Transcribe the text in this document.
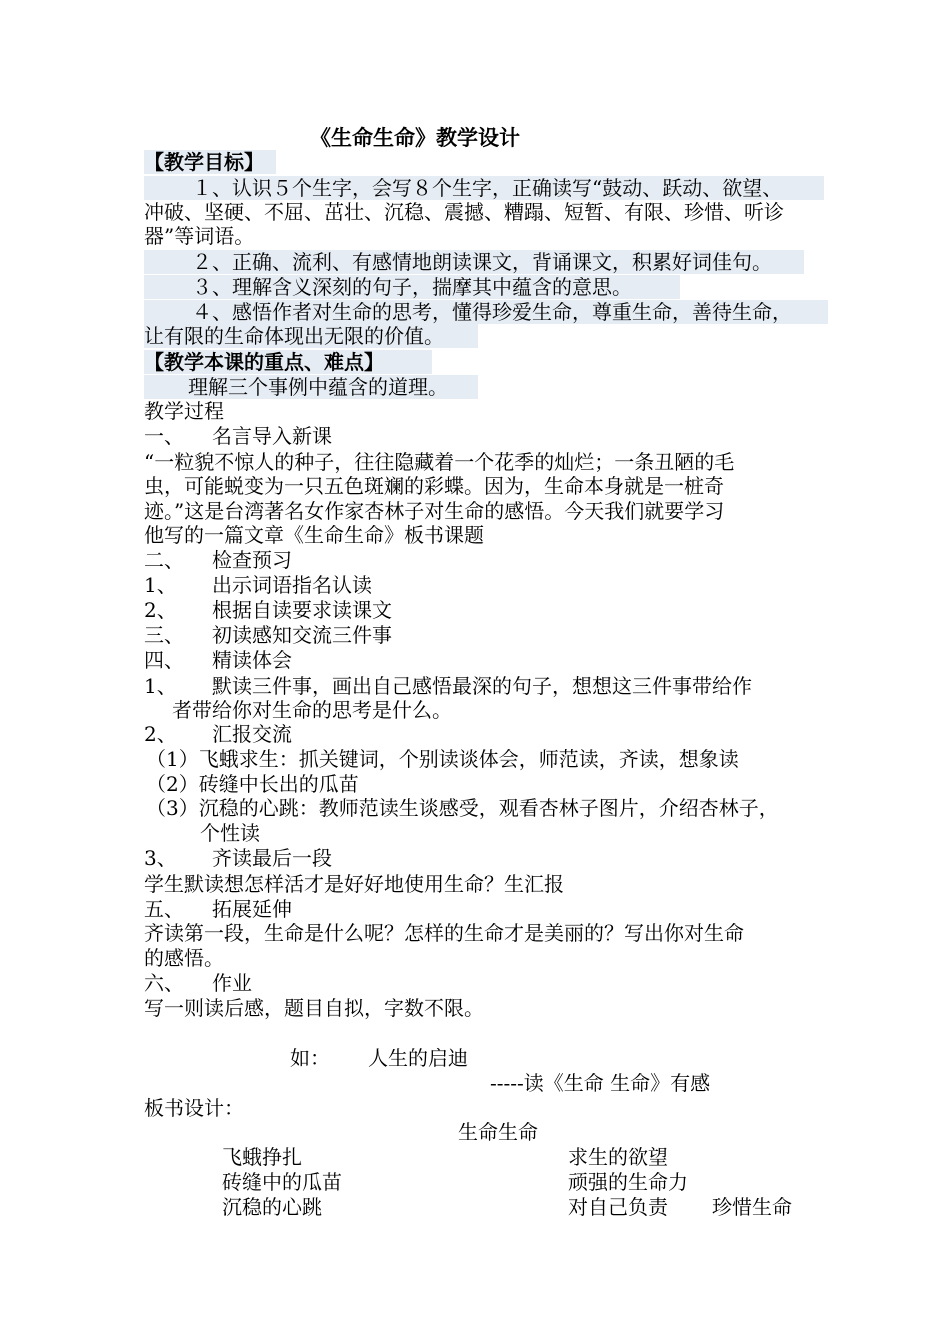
《生命生命》教学设计
【教学目标】
１、认识５个生字，会写８个生字，正确读写“鼓动、跃动、欲望、
冲破、坚硬、不屈、茁壮、沉稳、震撼、糟蹋、短暂、有限、珍惜、听诊
器”等词语。
２、正确、流利、有感情地朗读课文，背诵课文，积累好词佳句。
３、理解含义深刻的句子，揣摩其中蕴含的意思。
４、感悟作者对生命的思考，懂得珍爱生命，尊重生命，善待生命，
让有限的生命体现出无限的价值。
【教学本课的重点、难点】
理解三个事例中蕴含的道理。
教学过程
一、 名言导入新课
“一粒貌不惊人的种子，往往隐藏着一个花季的灿烂；一条丑陋的毛
虫，可能蜕变为一只五色斑斓的彩蝶。因为，生命本身就是一桩奇
迹。”这是台湾著名女作家杏林子对生命的感悟。今天我们就要学习
他写的一篇文章《生命生命》板书课题
二、 检查预习
1、 出示词语指名认读
2、 根据自读要求读课文
三、 初读感知交流三件事
四、 精读体会
1、 默读三件事，画出自己感悟最深的句子，想想这三件事带给作
者带给你对生命的思考是什么。
2、 汇报交流
（1）飞蛾求生：抓关键词，个别读谈体会，师范读，齐读，想象读
（2）砖缝中长出的瓜苗
（3）沉稳的心跳：教师范读生谈感受，观看杏林子图片，介绍杏林子，
个性读
3、 齐读最后一段
学生默读想怎样活才是好好地使用生命？生汇报
五、 拓展延伸
齐读第一段，生命是什么呢？怎样的生命才是美丽的？写出你对生命
的感悟。
六、 作业
写一则读后感，题目自拟，字数不限。
如： 人生的启迪
-----读《生命 生命》有感
板书设计：
生命生命
飞蛾挣扎
砖缝中的瓜苗
沉稳的心跳
求生的欲望
顽强的生命力
对自己负责 珍惜生命
